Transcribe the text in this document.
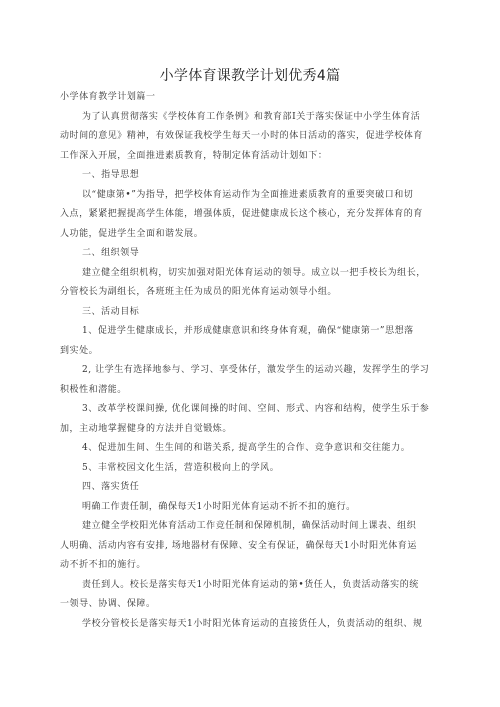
小学体育课教学计划优秀4篇
小学体育教学计划篇一
为了认真贯彻落实《学校体育工作条例》和教育部I关于落实保证中小学生体育活
动时间的意见》精神，有效保证我校学生每天一小时的体日活动的落实，促进学校体育
工作深入开展，全面推进素质教育，特制定体育活动计划如下：
一、指导思想
以“健康第•”为指导，把学校体育运动作为全面推进素质教育的重要突破口和切
入点，紧紧把握提高学生体能，增强体质，促进健康成长这个核心，充分发挥体育的育
人功能，促进学生全面和谐发展。
二、组织领导
建立健全组织机构，切实加强对阳光体育运动的领导。成立以一把手校长为组长，
分管校长为副组长，各班班主任为成员的阳光体育运动领导小组。
三、活动目标
1、促进学生健康成长，并形成健康意识和终身体育观，确保“健康第一”思想落
到实处。
2, 让学生有选择地参与、学习、享受体仔，激发学生的运动兴趣，发挥学生的学习
积极性和潜能。
3、改革学校课间操, 优化课间操的时间、空间、形式、内容和结构，使学生乐于参
加，主动地掌握健身的方法并自觉锻炼。
4、促进加生间、生生间的和谐关系, 提高学生的合作、竞争意识和交往能力。
5、丰常校园文化生活，营造积极向上的学风。
四、落实货任
明确工作责任制，确保每天1小时阳光体育运动不折不扣的施行。
建立健全学校阳光体育活动工作竞任制和保障机制，确保活动时间上课表、组织
人明确、活动内容有安排, 场地器材有保障、安全有保证，确保每天1小时阳光体育运
动不折不扣的施行。
责任到人。校长是落实每天1小时阳光体育运动的第•货任人，负责活动落实的统
一领导、协调、保障。
学校分管校长是落实每天1小时阳光体育运动的直接货任人，负责活动的组织、规
